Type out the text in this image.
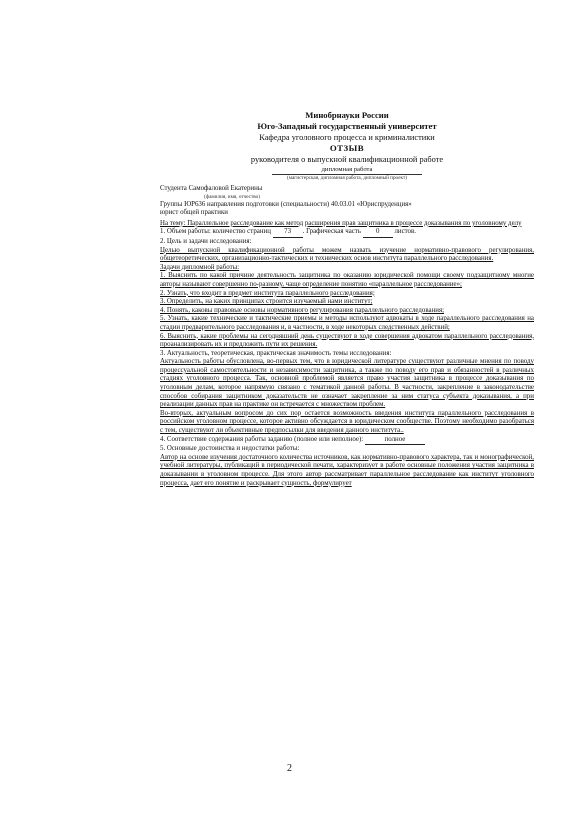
Минобрнауки России
Юго-Западный государственный университет
Кафедра уголовного процесса и криминалистики
ОТЗЫВ
руководителя о выпускной квалификационной работе
дипломная работа
(магистерская, дипломная работа, дипломный проект)
Студента Самофаловой Екатерины
(фамилия, имя, отчество)
Группы ЮР636 направления подготовки (специальности) 40.03.01 «Юриспруденция»
юрист общей практики

На тему: Параллельное расследование как метод расширения прав защитника в процессе доказывания по уголовному делу

1. Объем работы: количество страниц 73 . Графическая часть 0 листов.
2. Цель и задачи исследования:

Целью выпускной квалификационной работы можем назвать изучение нормативно-правового регулирования, общетеоретических, организационно-тактических и технических основ института параллельного расследования.

Задачи дипломной работы:

1. Выяснить по какой причине деятельность защитника по оказанию юридической помощи своему подзащитному многие авторы называют совершенно по-разному, чаще определение понятию «параллельное расследование»;

2. Узнать, что входит в предмет института параллельного расследования;

3. Определить, на каких принципах строится изучаемый нами институт;

4. Понять, каковы правовые основы нормативного регулирования параллельного расследования;

5. Узнать, какие технические и тактические приемы и методы используют адвокаты в ходе параллельного расследования на стадии предварительного расследования и, в частности, в ходе некоторых следственных действий;

6. Выяснить, какие проблемы на сегодняшний день существуют в ходе совершения адвокатом параллельного расследования, проанализировать их и предложить пути их решения.

3. Актуальность, теоретическая, практическая значимость темы исследования:

Актуальность работы обусловлена, во-первых тем, что в юридической литературе существуют различные мнения по поводу процессуальной самостоятельности и независимости защитника, а также по поводу его прав и обязанностей в различных стадиях уголовного процесса. Так, основной проблемой является право участия защитника в процессе доказывания по уголовным делам, которое напрямую связано с тематикой данной работы. В частности, закрепление в законодательстве способов собирания защитником доказательств не означает закрепление за ним статуса субъекта доказывания, а при реализации данных прав на практике он встречается с множеством проблем.

Во-вторых, актуальным вопросом до сих пор остается возможность введения института параллельного расследования в российском уголовном процессе, которое активно обсуждается в юридическом сообществе. Поэтому необходимо разобраться с тем, существуют ли объективные предпосылки для введения данного института..

4. Соответствие содержания работы заданию (полное или неполное):	полное
5. Основные достоинства и недостатки работы:

Автор на основе изучения достаточного количества источников, как нормативно-правового характера, так и монографической, учебной литературы, публикаций в периодической печати, характеризует в работе основные положения участия защитника в доказывании в уголовном процессе. Для этого автор рассматривает параллельное расследование как институт уголовного процесса, дает его понятие и раскрывает сущность, формулирует

2
